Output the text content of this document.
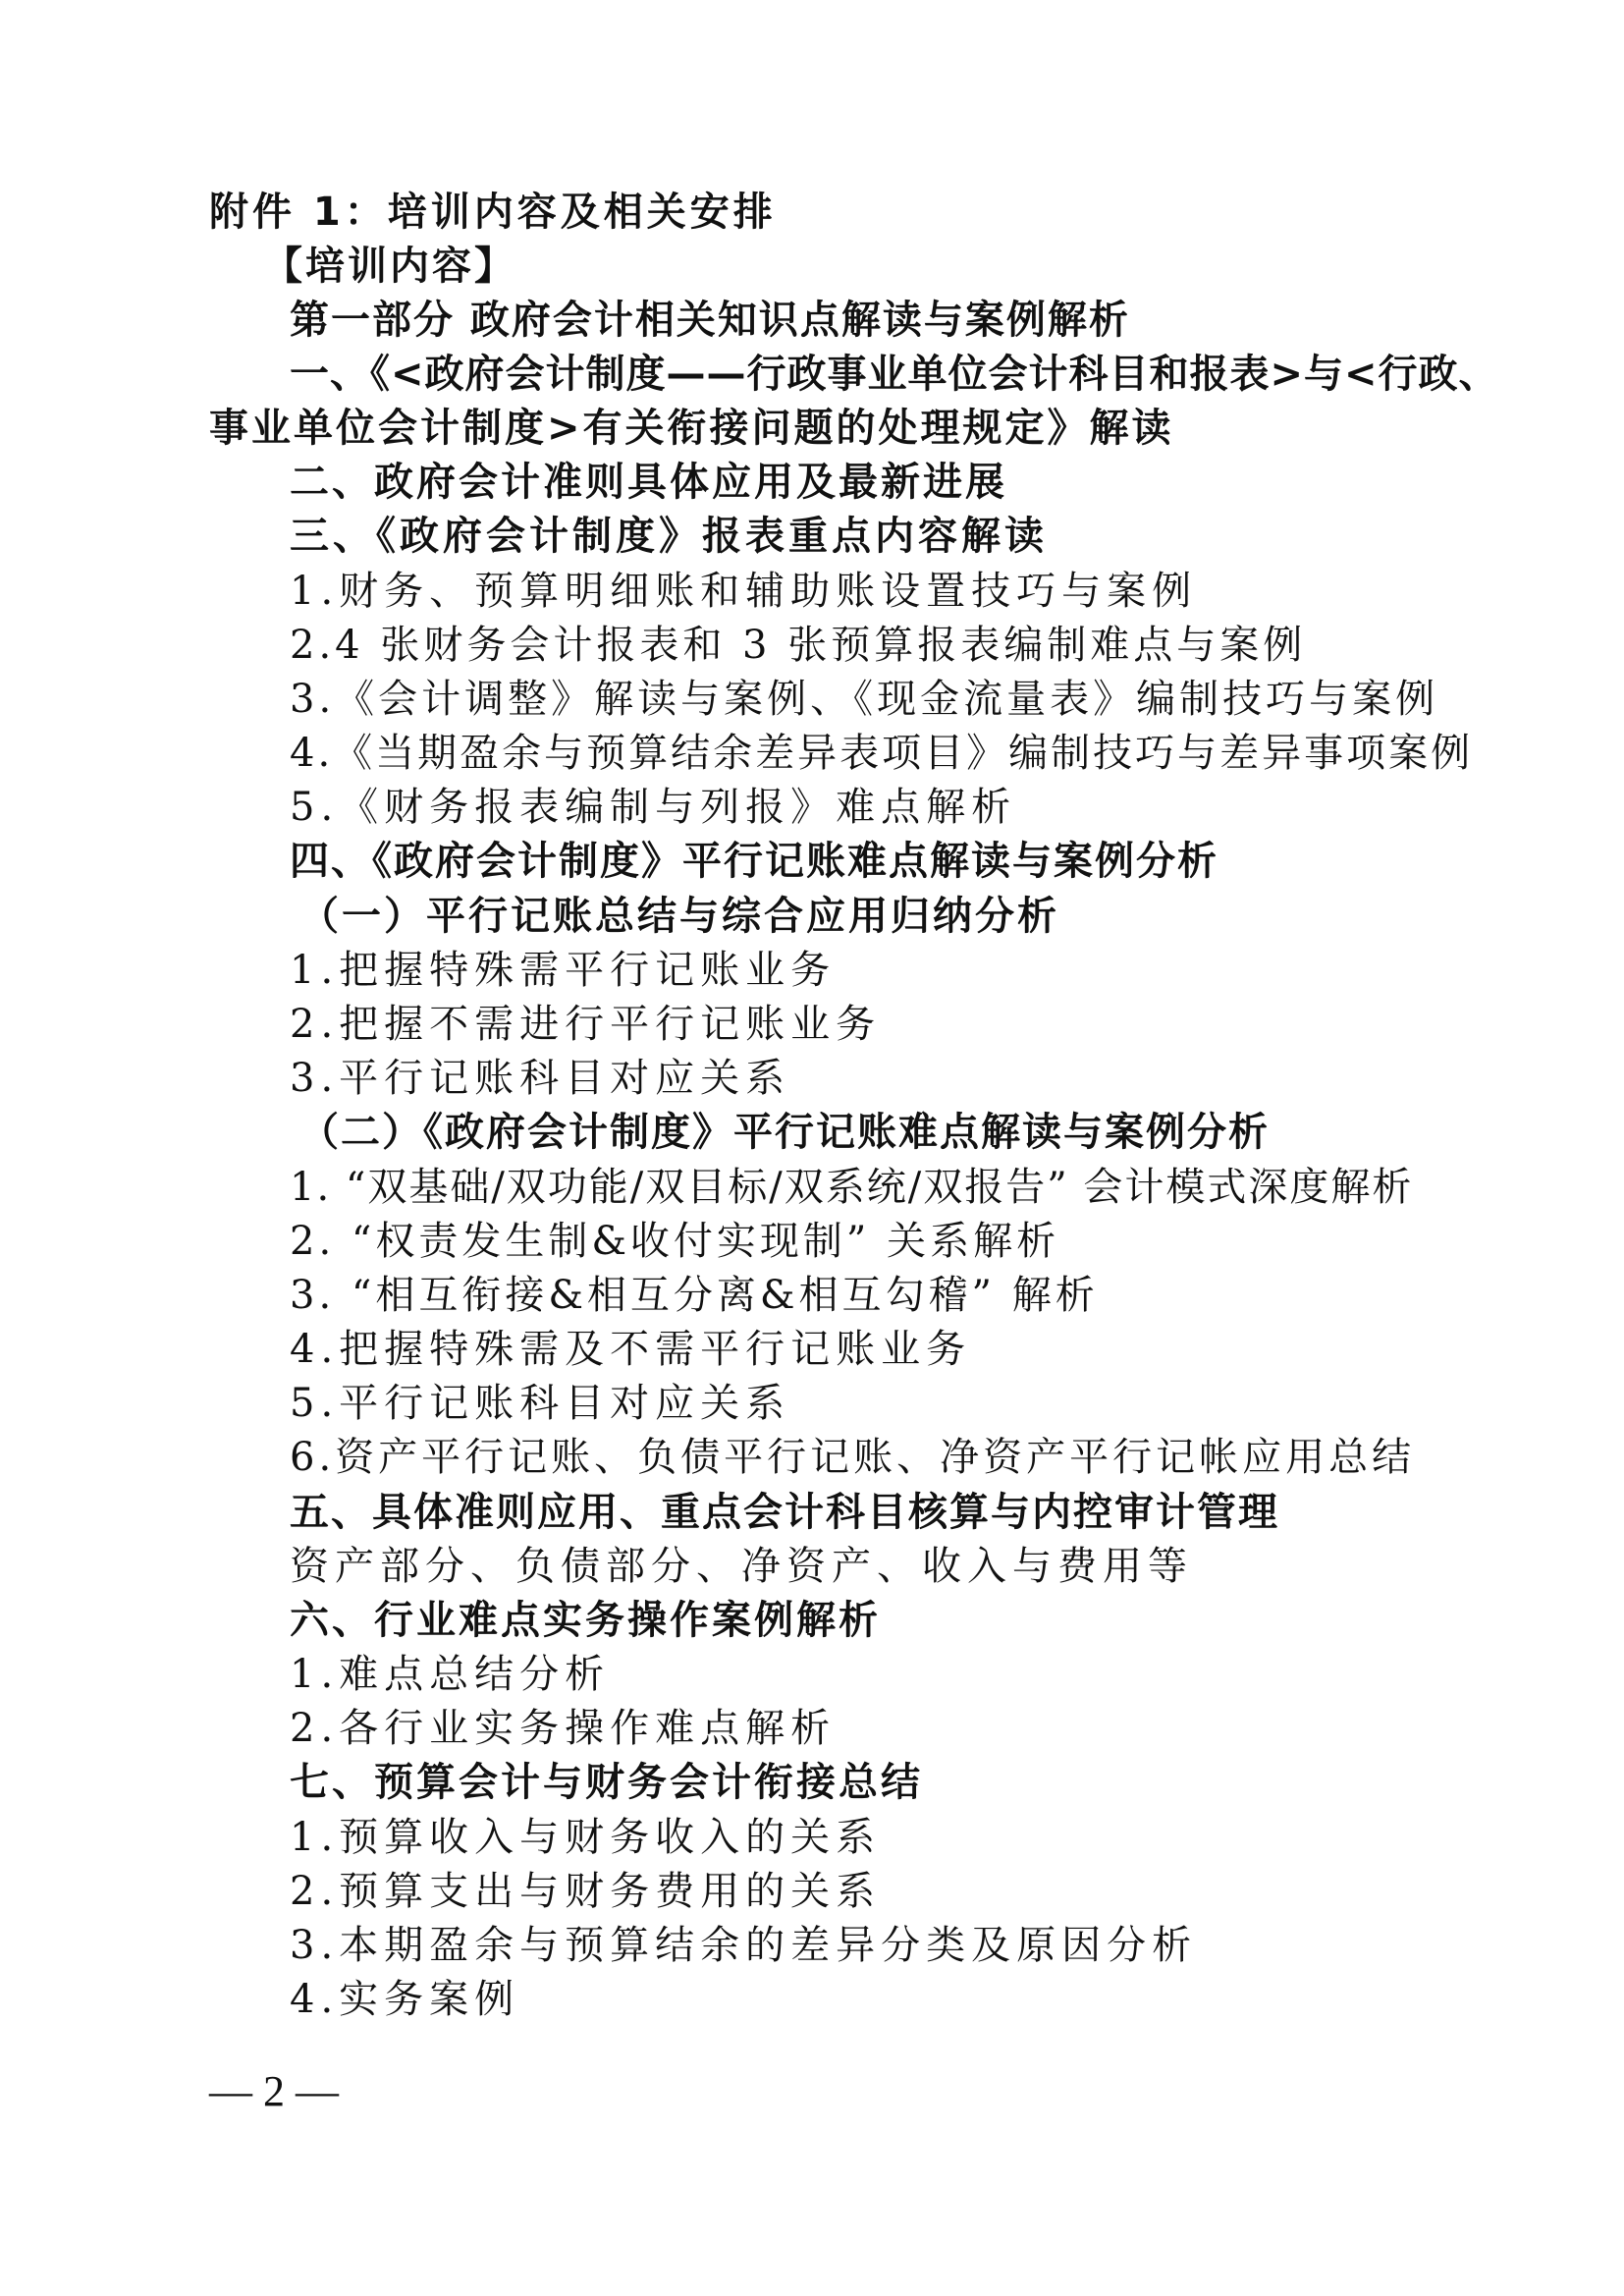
附件 1：培训内容及相关安排
【培训内容】
第一部分 政府会计相关知识点解读与案例解析
一、《<政府会计制度——行政事业单位会计科目和报表>与<行政、
事业单位会计制度>有关衔接问题的处理规定》解读
二、政府会计准则具体应用及最新进展
三、《政府会计制度》报表重点内容解读
1.财务、预算明细账和辅助账设置技巧与案例
2.4 张财务会计报表和 3 张预算报表编制难点与案例
3.《会计调整》解读与案例、《现金流量表》编制技巧与案例
4.《当期盈余与预算结余差异表项目》编制技巧与差异事项案例
5.《财务报表编制与列报》难点解析
四、《政府会计制度》平行记账难点解读与案例分析
（一）平行记账总结与综合应用归纳分析
1.把握特殊需平行记账业务
2.把握不需进行平行记账业务
3.平行记账科目对应关系
（二）《政府会计制度》平行记账难点解读与案例分析
1. “双基础/双功能/双目标/双系统/双报告” 会计模式深度解析
2. “权责发生制&收付实现制” 关系解析
3. “相互衔接&相互分离&相互勾稽” 解析
4.把握特殊需及不需平行记账业务
5.平行记账科目对应关系
6.资产平行记账、负债平行记账、净资产平行记帐应用总结
五、具体准则应用、重点会计科目核算与内控审计管理
资产部分、负债部分、净资产、收入与费用等
六、行业难点实务操作案例解析
1.难点总结分析
2.各行业实务操作难点解析
七、预算会计与财务会计衔接总结
1.预算收入与财务收入的关系
2.预算支出与财务费用的关系
3.本期盈余与预算结余的差异分类及原因分析
4.实务案例
— 2 —
